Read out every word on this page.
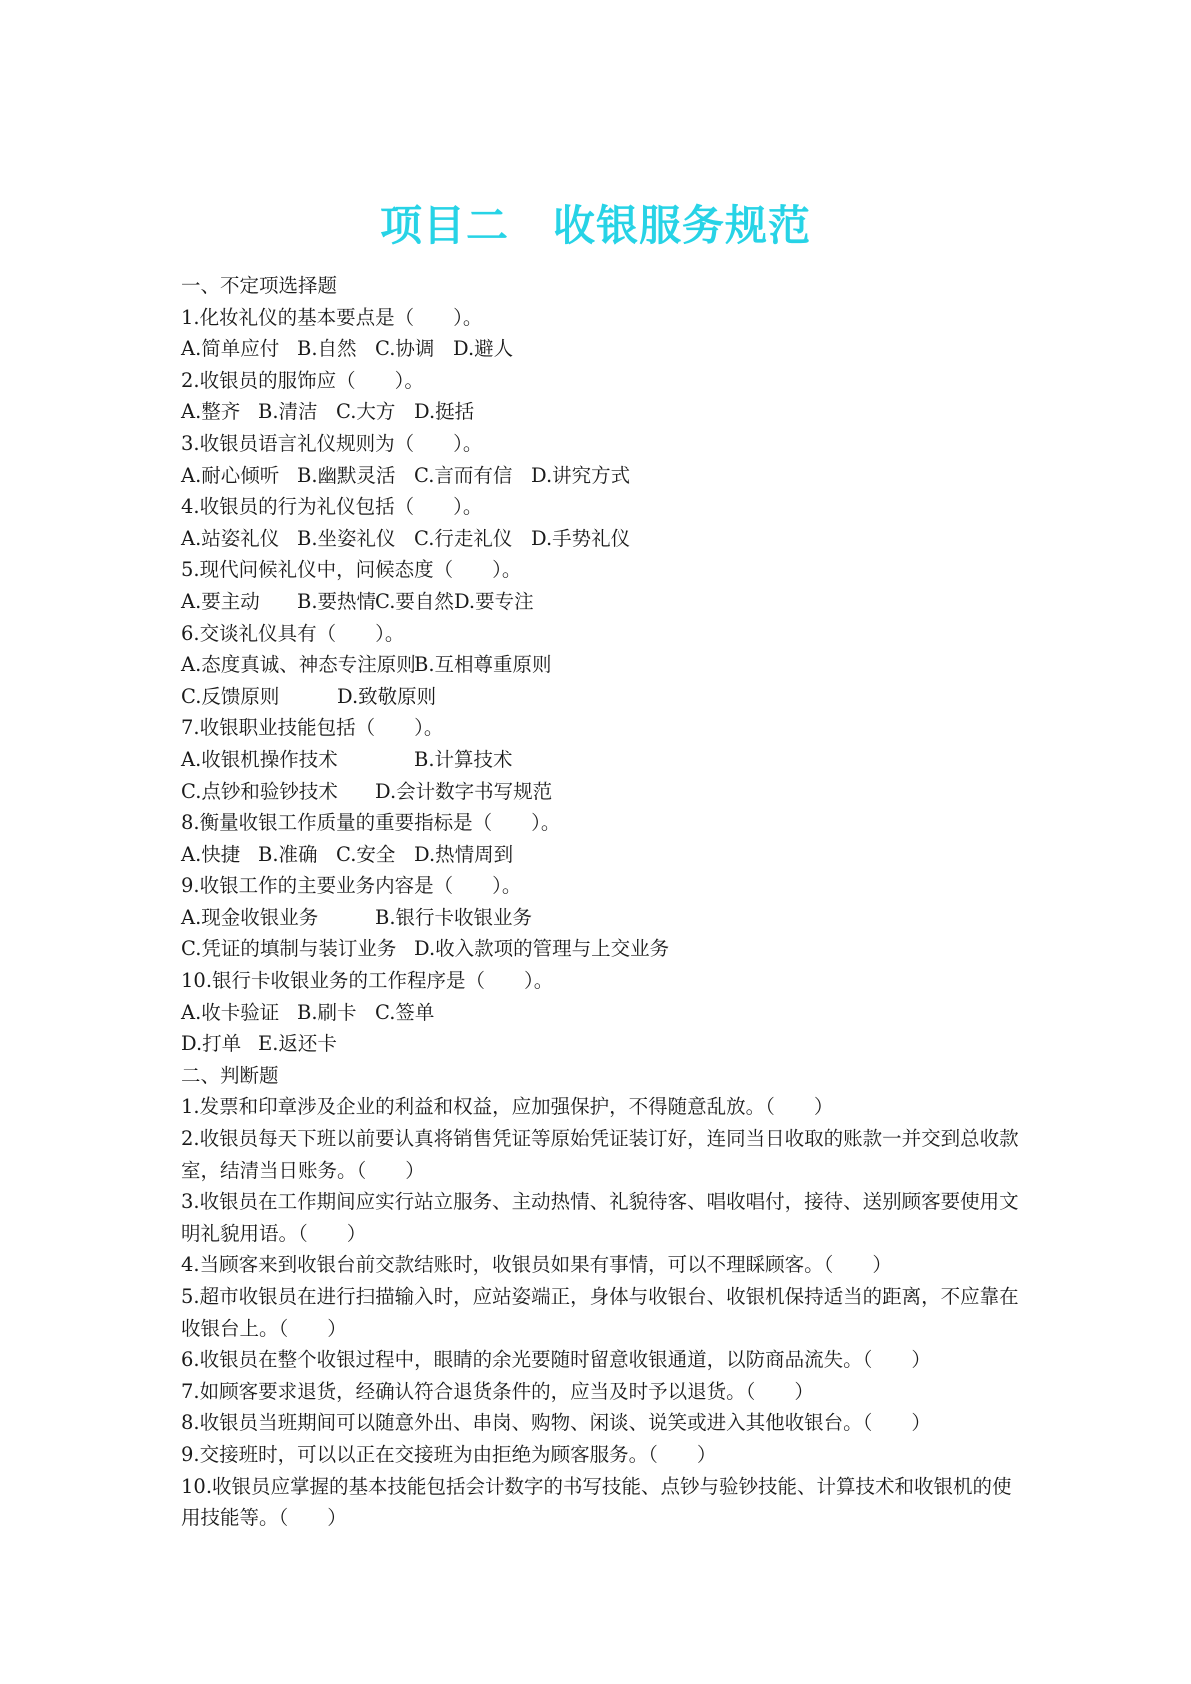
项目二 收银服务规范

一、不定项选择题

1.化妆礼仪的基本要点是（　　）。

A.简单应付 B.自然 C.协调 D.避人

2.收银员的服饰应（　　）。

A.整齐 B.清洁 C.大方 D.挺括

3.收银员语言礼仪规则为（　　）。

A.耐心倾听 B.幽默灵活 C.言而有信 D.讲究方式

4.收银员的行为礼仪包括（　　）。

A.站姿礼仪 B.坐姿礼仪 C.行走礼仪 D.手势礼仪

5.现代问候礼仪中，问候态度（　　）。

A.要主动 B.要热情C.要自然D.要专注

6.交谈礼仪具有（　　）。

A.态度真诚、神态专注原则B.互相尊重原则

C.反馈原则	D.致敬原则

7.收银职业技能包括（　　）。

A.收银机操作技术	B.计算技术

C.点钞和验钞技术 D.会计数字书写规范

8.衡量收银工作质量的重要指标是（　　）。

A.快捷 B.准确 C.安全 D.热情周到

9.收银工作的主要业务内容是（　　）。

A.现金收银业务	B.银行卡收银业务

C.凭证的填制与装订业务 D.收入款项的管理与上交业务

10.银行卡收银业务的工作程序是（　　）。

A.收卡验证 B.刷卡 C.签单

D.打单 E.返还卡

二、判断题

1.发票和印章涉及企业的利益和权益，应加强保护，不得随意乱放。（　　）

2.收银员每天下班以前要认真将销售凭证等原始凭证装订好，连同当日收取的账款一并交到总收款室，结清当日账务。（　　）

3.收银员在工作期间应实行站立服务、主动热情、礼貌待客、唱收唱付，接待、送别顾客要使用文明礼貌用语。（　　）

4.当顾客来到收银台前交款结账时，收银员如果有事情，可以不理睬顾客。（　　）

5.超市收银员在进行扫描输入时，应站姿端正，身体与收银台、收银机保持适当的距离，不应靠在收银台上。（　　）

6.收银员在整个收银过程中，眼睛的余光要随时留意收银通道，以防商品流失。（　　）

7.如顾客要求退货，经确认符合退货条件的，应当及时予以退货。（　　）

8.收银员当班期间可以随意外出、串岗、购物、闲谈、说笑或进入其他收银台。（　　）

9.交接班时，可以以正在交接班为由拒绝为顾客服务。（　　）

10.收银员应掌握的基本技能包括会计数字的书写技能、点钞与验钞技能、计算技术和收银机的使用技能等。（　　）
